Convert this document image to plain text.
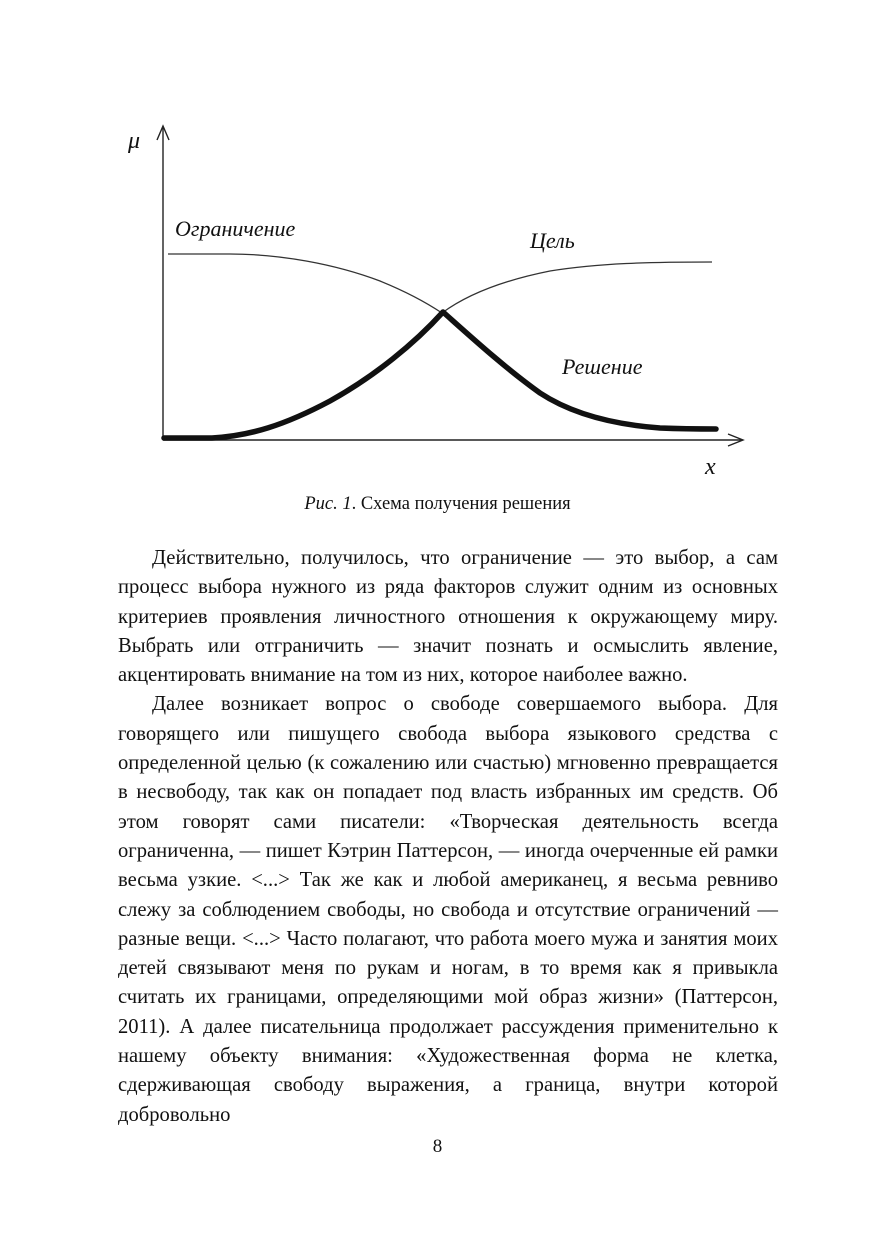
μ
x
Ограничение	Цель
Решение
Рис. 1. Схема получения решения

Действительно, получилось, что ограничение — это выбор, а сам процесс выбора нужного из ряда факторов служит одним из основных критериев проявления личностного отношения к окружающему миру. Выбрать или отграничить — значит познать и осмыслить явление, акцентировать внимание на том из них, которое наиболее важно.

Далее возникает вопрос о свободе совершаемого выбора. Для говорящего или пишущего свобода выбора языкового средства с определенной целью (к сожалению или счастью) мгновенно превращается в несвободу, так как он попадает под власть избранных им средств. Об этом говорят сами писатели: «Творческая деятельность всегда ограниченна, — пишет Кэтрин Паттерсон, — иногда очерченные ей рамки весьма узкие. <...> Так же как и любой американец, я весьма ревниво слежу за соблюдением свободы, но свобода и отсутствие ограничений — разные вещи. <...> Часто полагают, что работа моего мужа и занятия моих детей связывают меня по рукам и ногам, в то время как я привыкла считать их границами, определяющими мой образ жизни» (Паттерсон, 2011). А далее писательница продолжает рассуждения применительно к нашему объекту внимания: «Художественная форма не клетка, сдерживающая свободу выражения, а граница, внутри которой добровольно

8
